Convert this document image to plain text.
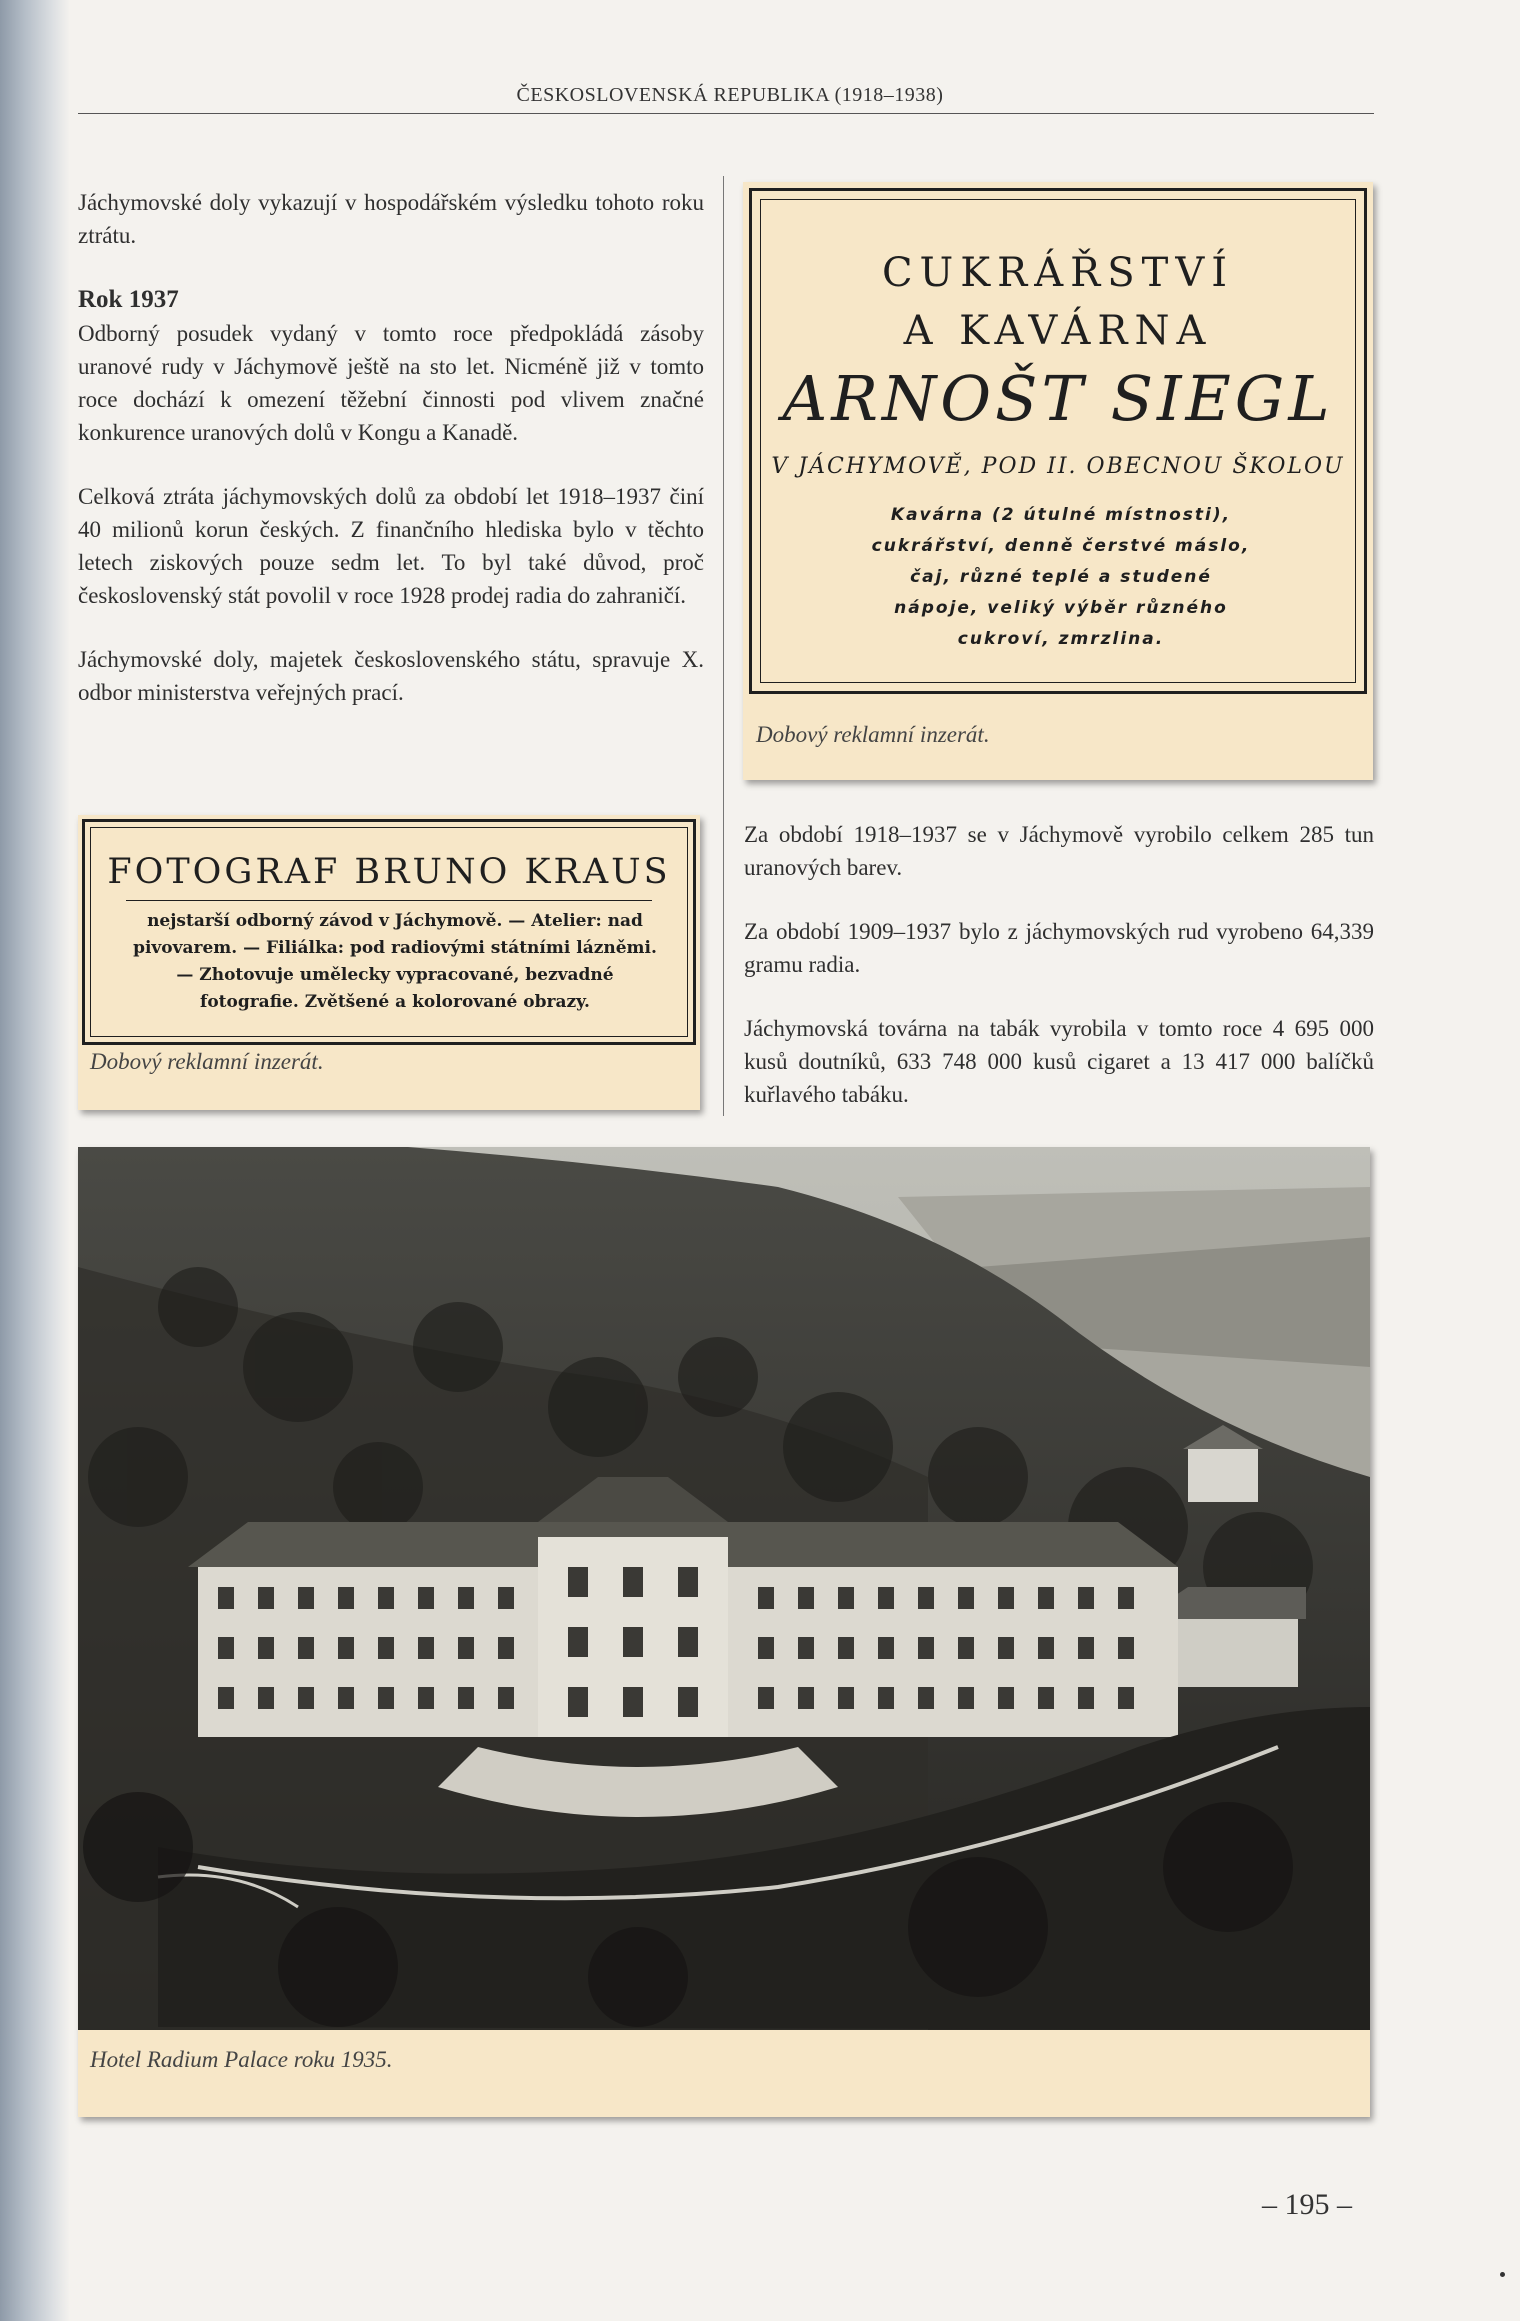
ČESKOSLOVENSKÁ REPUBLIKA (1918–1938)

Jáchymovské doly vykazují v hospodářském výsledku tohoto roku ztrátu.

Rok 1937

Odborný posudek vydaný v tomto roce předpokládá zásoby uranové rudy v Jáchymově ještě na sto let. Nicméně již v tomto roce dochází k omezení těžební činnosti pod vlivem značné konkurence uranových dolů v Kongu a Kanadě.

Celková ztráta jáchymovských dolů za období let 1918–1937 činí 40 milionů korun českých. Z finančního hlediska bylo v těchto letech ziskových pouze sedm let. To byl také důvod, proč československý stát povolil v roce 1928 prodej radia do zahraničí.

Jáchymovské doly, majetek československého státu, spravuje X. odbor ministerstva veřejných prací.

CUKRÁŘSTVÍ
A KAVÁRNA
ARNOŠT SIEGL
V JÁCHYMOVĚ, POD II. OBECNOU ŠKOLOU
Kavárna (2 útulné místnosti), cukrářství, denně čerstvé máslo, čaj, různé teplé a studené nápoje, veliký výběr různého cukroví, zmrzlina.
Dobový reklamní inzerát.

Za období 1918–1937 se v Jáchymově vyrobilo celkem 285 tun uranových barev.

Za období 1909–1937 bylo z jáchymovských rud vyrobeno 64,339 gramu radia.

Jáchymovská továrna na tabák vyrobila v tomto roce 4 695 000 kusů doutníků, 633 748 000 kusů cigaret a 13 417 000 balíčků kuřlavého tabáku.

FOTOGRAF BRUNO KRAUS
nejstarší odborný závod v Jáchymově. — Atelier: nad pivovarem. — Filiálka: pod radiovými státními lázněmi. — Zhotovuje umělecky vypracované, bezvadné fotografie. Zvětšené a kolorované obrazy.
Dobový reklamní inzerát.
Hotel Radium Palace roku 1935.
– 195 –
